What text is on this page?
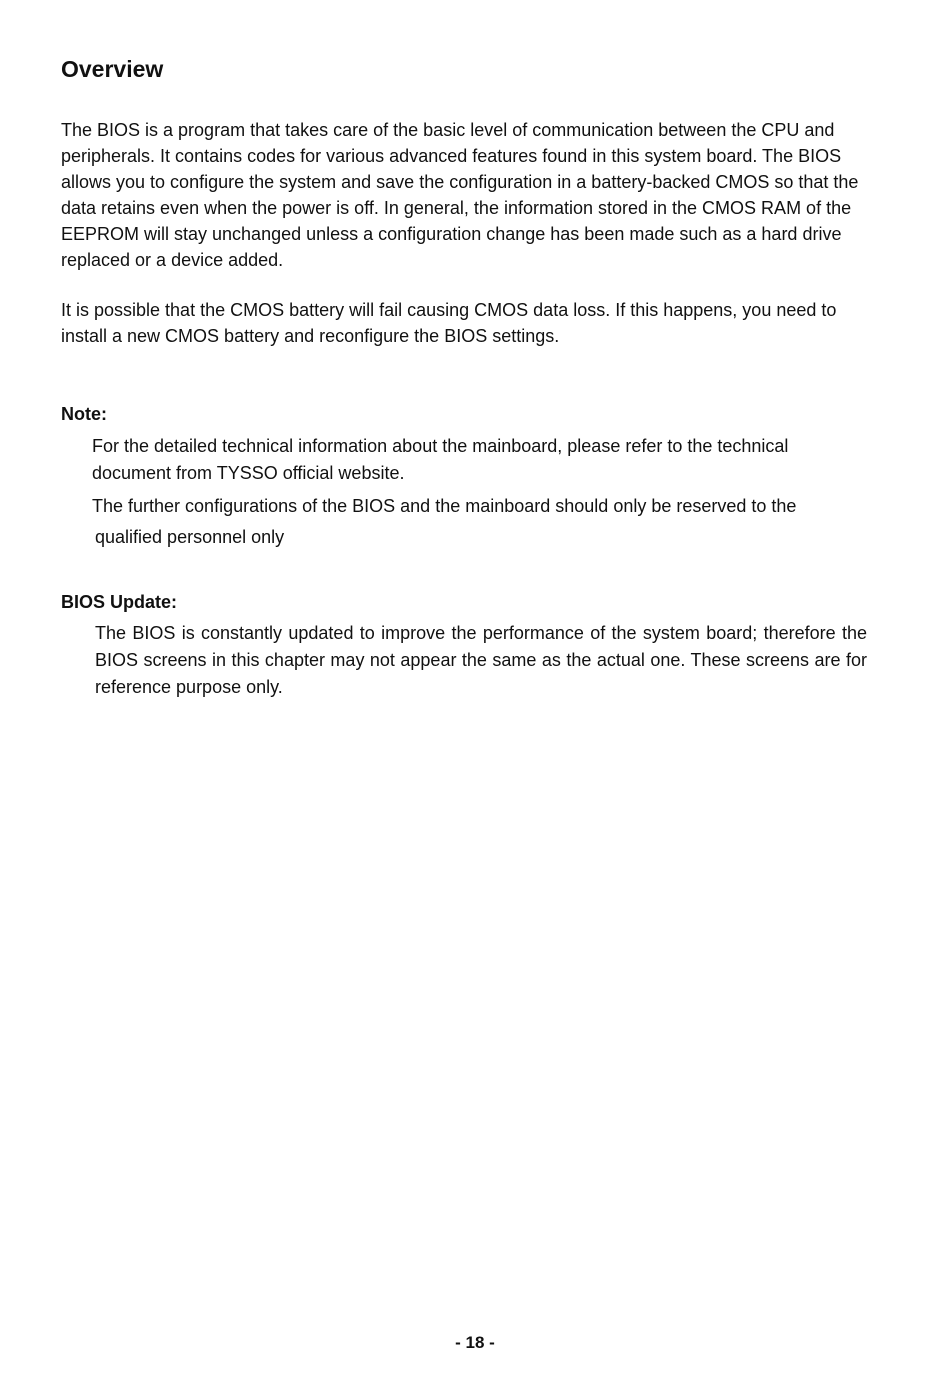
Overview

The BIOS is a program that takes care of the basic level of communication between the CPU and peripherals. It contains codes for various advanced features found in this system board. The BIOS allows you to configure the system and save the configuration in a battery-backed CMOS so that the data retains even when the power is off. In general, the information stored in the CMOS RAM of the EEPROM will stay unchanged unless a configuration change has been made such as a hard drive replaced or a device added.

It is possible that the CMOS battery will fail causing CMOS data loss. If this happens, you need to install a new CMOS battery and reconfigure the BIOS settings.

Note:

For the detailed technical information about the mainboard, please refer to the technical

document from TYSSO official website.

The further configurations of the BIOS and the mainboard should only be reserved to the

qualified personnel only

BIOS Update:

The BIOS is constantly updated to improve the performance of the system board; therefore the BIOS screens in this chapter may not appear the same as the actual one. These screens are for reference purpose only.

- 18 -
